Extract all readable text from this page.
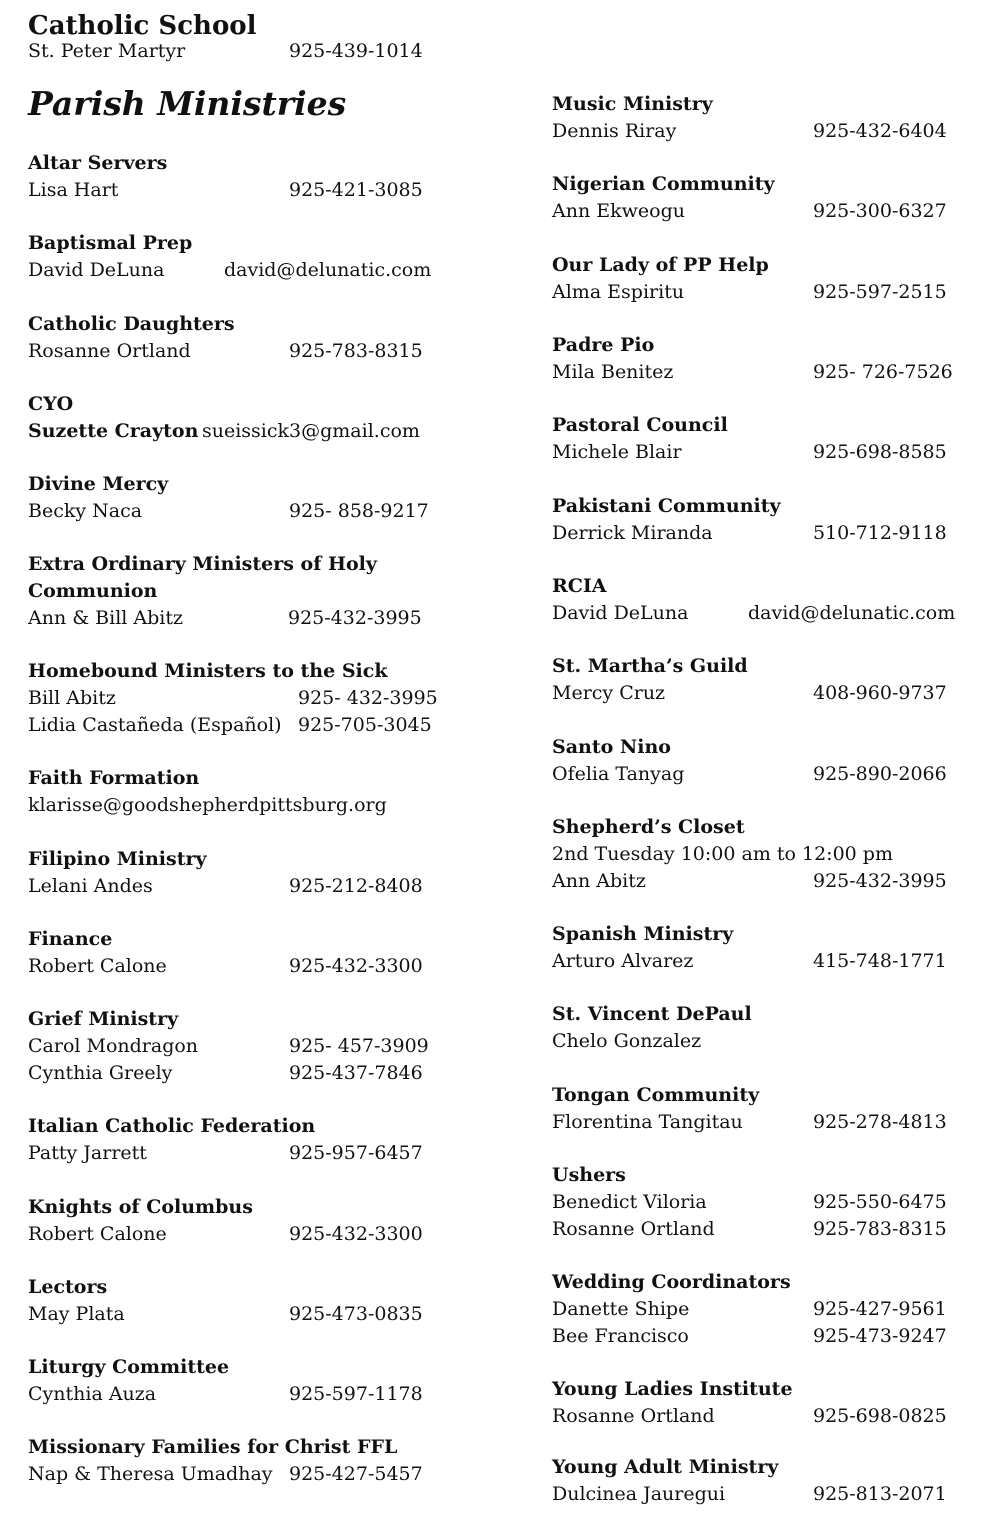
Catholic School
St. Peter Martyr	925-439-1014
Parish Ministries
Altar Servers
Lisa Hart	925-421-3085
Baptismal Prep
David DeLuna	david@delunatic.com
Catholic Daughters
Rosanne Ortland	925-783-8315
CYO
Suzette Crayton sueissick3@gmail.com
Divine Mercy
Becky Naca	925- 858-9217
Extra Ordinary Ministers of Holy
Communion
Ann & Bill Abitz	925-432-3995
Homebound Ministers to the Sick
Bill Abitz	925- 432-3995
Lidia Castañeda (Español) 925-705-3045
Faith Formation
klarisse@goodshepherdpittsburg.org
Filipino Ministry
Lelani Andes	925-212-8408
Finance
Robert Calone	925-432-3300
Grief Ministry
Carol Mondragon	925- 457-3909
Cynthia Greely	925-437-7846
Italian Catholic Federation
Patty Jarrett	925-957-6457
Knights of Columbus
Robert Calone	925-432-3300
Lectors
May Plata	925-473-0835
Liturgy Committee
Cynthia Auza	925-597-1178
Missionary Families for Christ FFL
Nap & Theresa Umadhay 925-427-5457
Music Ministry
Dennis Riray	925-432-6404
Nigerian Community
Ann Ekweogu	925-300-6327
Our Lady of PP Help
Alma Espiritu	925-597-2515
Padre Pio
Mila Benitez	925- 726-7526
Pastoral Council
Michele Blair	925-698-8585
Pakistani Community
Derrick Miranda	510-712-9118
RCIA
David DeLuna	david@delunatic.com
St. Martha’s Guild
Mercy Cruz	408-960-9737
Santo Nino
Ofelia Tanyag	925-890-2066
Shepherd’s Closet
2nd Tuesday 10:00 am to 12:00 pm
Ann Abitz	925-432-3995
Spanish Ministry
Arturo Alvarez	415-748-1771
St. Vincent DePaul
Chelo Gonzalez
Tongan Community
Florentina Tangitau	925-278-4813
Ushers
Benedict Viloria	925-550-6475
Rosanne Ortland	925-783-8315
Wedding Coordinators
Danette Shipe	925-427-9561
Bee Francisco	925-473-9247
Young Ladies Institute
Rosanne Ortland	925-698-0825
Young Adult Ministry
Dulcinea Jauregui	925-813-2071
